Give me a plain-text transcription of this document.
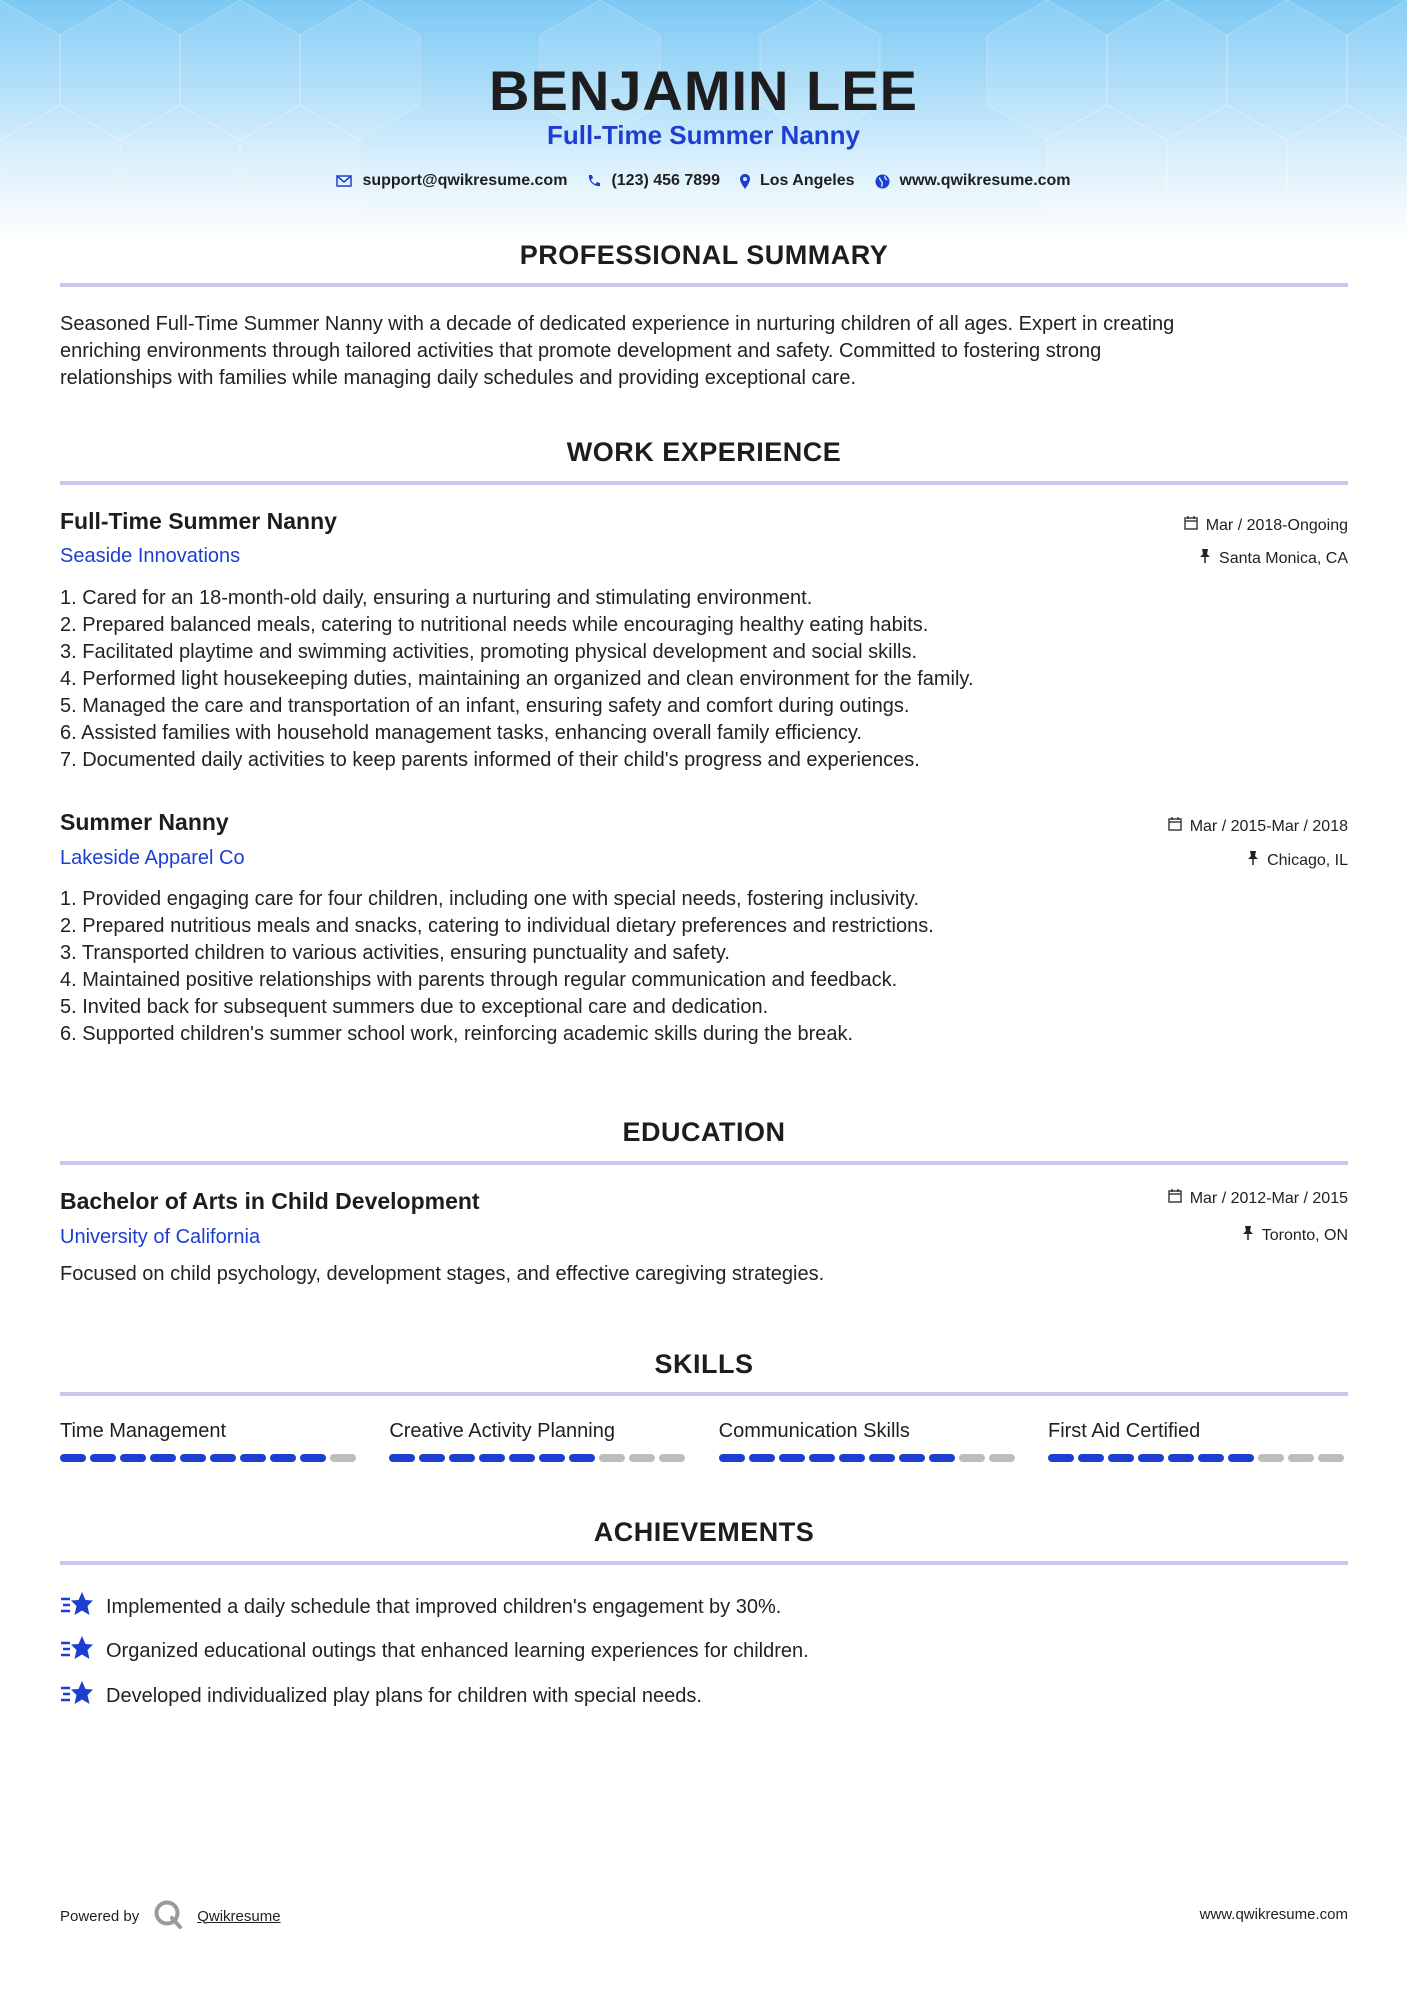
BENJAMIN LEE
Full-Time Summer Nanny
support@qwikresume.com	(123) 456 7899	Los Angeles	www.qwikresume.com
PROFESSIONAL SUMMARY
Seasoned Full-Time Summer Nanny with a decade of dedicated experience in nurturing children of all ages. Expert in creating
enriching environments through tailored activities that promote development and safety. Committed to fostering strong
relationships with families while managing daily schedules and providing exceptional care.
WORK EXPERIENCE
Full-Time Summer Nanny
Seaside Innovations
Mar / 2018-Ongoing
Santa Monica, CA
1. Cared for an 18-month-old daily, ensuring a nurturing and stimulating environment.
2. Prepared balanced meals, catering to nutritional needs while encouraging healthy eating habits.
3. Facilitated playtime and swimming activities, promoting physical development and social skills.
4. Performed light housekeeping duties, maintaining an organized and clean environment for the family.
5. Managed the care and transportation of an infant, ensuring safety and comfort during outings.
6. Assisted families with household management tasks, enhancing overall family efficiency.
7. Documented daily activities to keep parents informed of their child's progress and experiences.
Summer Nanny
Lakeside Apparel Co
Mar / 2015-Mar / 2018
Chicago, IL
1. Provided engaging care for four children, including one with special needs, fostering inclusivity.
2. Prepared nutritious meals and snacks, catering to individual dietary preferences and restrictions.
3. Transported children to various activities, ensuring punctuality and safety.
4. Maintained positive relationships with parents through regular communication and feedback.
5. Invited back for subsequent summers due to exceptional care and dedication.
6. Supported children's summer school work, reinforcing academic skills during the break.
EDUCATION
Bachelor of Arts in Child Development
University of California
Mar / 2012-Mar / 2015
Toronto, ON
Focused on child psychology, development stages, and effective caregiving strategies.
SKILLS
Time Management	Creative Activity Planning	Communication Skills	First Aid Certified
ACHIEVEMENTS
Implemented a daily schedule that improved children's engagement by 30%.
Organized educational outings that enhanced learning experiences for children.
Developed individualized play plans for children with special needs.
Powered by	Qwikresume	www.qwikresume.com
